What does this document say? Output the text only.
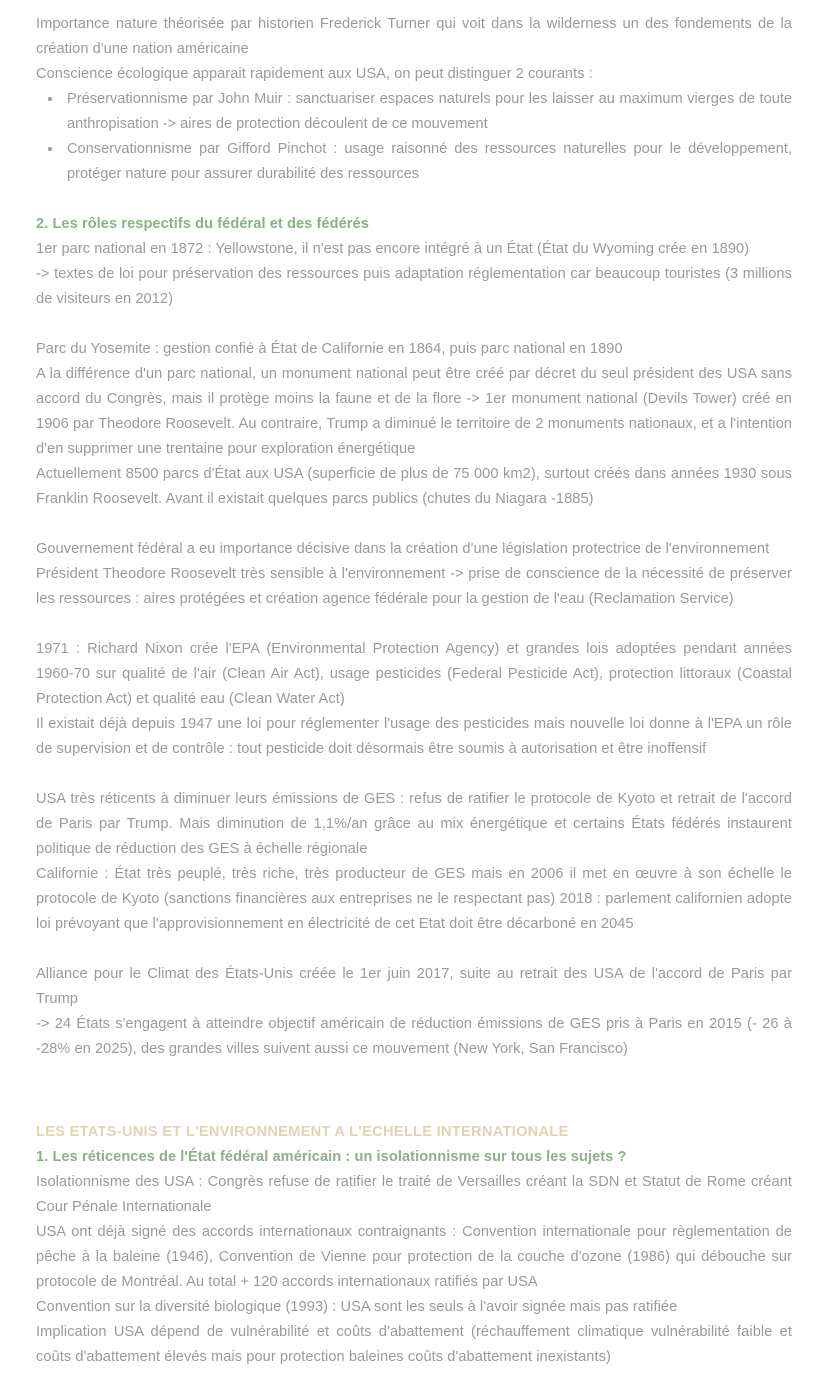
Importance nature théorisée par historien Frederick Turner qui voit dans la wilderness un des fondements de la création d'une nation américaine

Conscience écologique apparait rapidement aux USA, on peut distinguer 2 courants :

Préservationnisme par John Muir : sanctuariser espaces naturels pour les laisser au maximum vierges de toute anthropisation -> aires de protection découlent de ce mouvement
Conservationnisme par Gifford Pinchot : usage raisonné des ressources naturelles pour le développement, protéger nature pour assurer durabilité des ressources
2. Les rôles respectifs du fédéral et des fédérés

1er parc national en 1872 : Yellowstone, il n'est pas encore intégré à un État (État du Wyoming crée en 1890)

-> textes de loi pour préservation des ressources puis adaptation réglementation car beaucoup touristes (3 millions de visiteurs en 2012)

Parc du Yosemite : gestion confié à État de Californie en 1864, puis parc national en 1890

A la différence d'un parc national, un monument national peut être créé par décret du seul président des USA sans accord du Congrès, mais il protège moins la faune et de la flore -> 1er monument national (Devils Tower) créé en 1906 par Theodore Roosevelt. Au contraire, Trump a diminué le territoire de 2 monuments nationaux, et a l'intention d'en supprimer une trentaine pour exploration énergétique

Actuellement 8500 parcs d'État aux USA (superficie de plus de 75 000 km2), surtout créés dans années 1930 sous Franklin Roosevelt. Avant il existait quelques parcs publics (chutes du Niagara -1885)

Gouvernement fédéral a eu importance décisive dans la création d'une législation protectrice de l'environnement

Président Theodore Roosevelt très sensible à l'environnement -> prise de conscience de la nécessité de préserver les ressources : aires protégées et création agence fédérale pour la gestion de l'eau (Reclamation Service)

1971 : Richard Nixon crée l'EPA (Environmental Protection Agency) et grandes lois adoptées pendant années 1960-70 sur qualité de l'air (Clean Air Act), usage pesticides (Federal Pesticide Act), protection littoraux (Coastal Protection Act) et qualité eau (Clean Water Act)

Il existait déjà depuis 1947 une loi pour réglementer l'usage des pesticides mais nouvelle loi donne à l'EPA un rôle de supervision et de contrôle : tout pesticide doit désormais être soumis à autorisation et être inoffensif

USA très réticents à diminuer leurs émissions de GES : refus de ratifier le protocole de Kyoto et retrait de l'accord de Paris par Trump. Mais diminution de 1,1%/an grâce au mix énergétique et certains États fédérés instaurent politique de réduction des GES à échelle régionale

Californie : État très peuplé, très riche, très producteur de GES mais en 2006 il met en œuvre à son échelle le protocole de Kyoto (sanctions financières aux entreprises ne le respectant pas) 2018 : parlement californien adopte loi prévoyant que l'approvisionnement en électricité de cet Etat doit être décarboné en 2045

Alliance pour le Climat des États-Unis créée le 1er juin 2017, suite au retrait des USA de l'accord de Paris par Trump

-> 24 États s'engagent à atteindre objectif américain de réduction émissions de GES pris à Paris en 2015 (- 26 à -28% en 2025), des grandes villes suivent aussi ce mouvement (New York, San Francisco)

LES ETATS-UNIS ET L'ENVIRONNEMENT A L'ECHELLE INTERNATIONALE
1. Les réticences de l'État fédéral américain : un isolationnisme sur tous les sujets ?

Isolationnisme des USA : Congrès refuse de ratifier le traité de Versailles créant la SDN et Statut de Rome créant Cour Pénale Internationale

USA ont déjà signé des accords internationaux contraignants : Convention internationale pour règlementation de pêche à la baleine (1946), Convention de Vienne pour protection de la couche d'ozone (1986) qui débouche sur protocole de Montréal. Au total + 120 accords internationaux ratifiés par USA

Convention sur la diversité biologique (1993) : USA sont les seuls à l'avoir signée mais pas ratifiée

Implication USA dépend de vulnérabilité et coûts d'abattement (réchauffement climatique vulnérabilité faible et coûts d'abattement élevés mais pour protection baleines coûts d'abattement inexistants)
